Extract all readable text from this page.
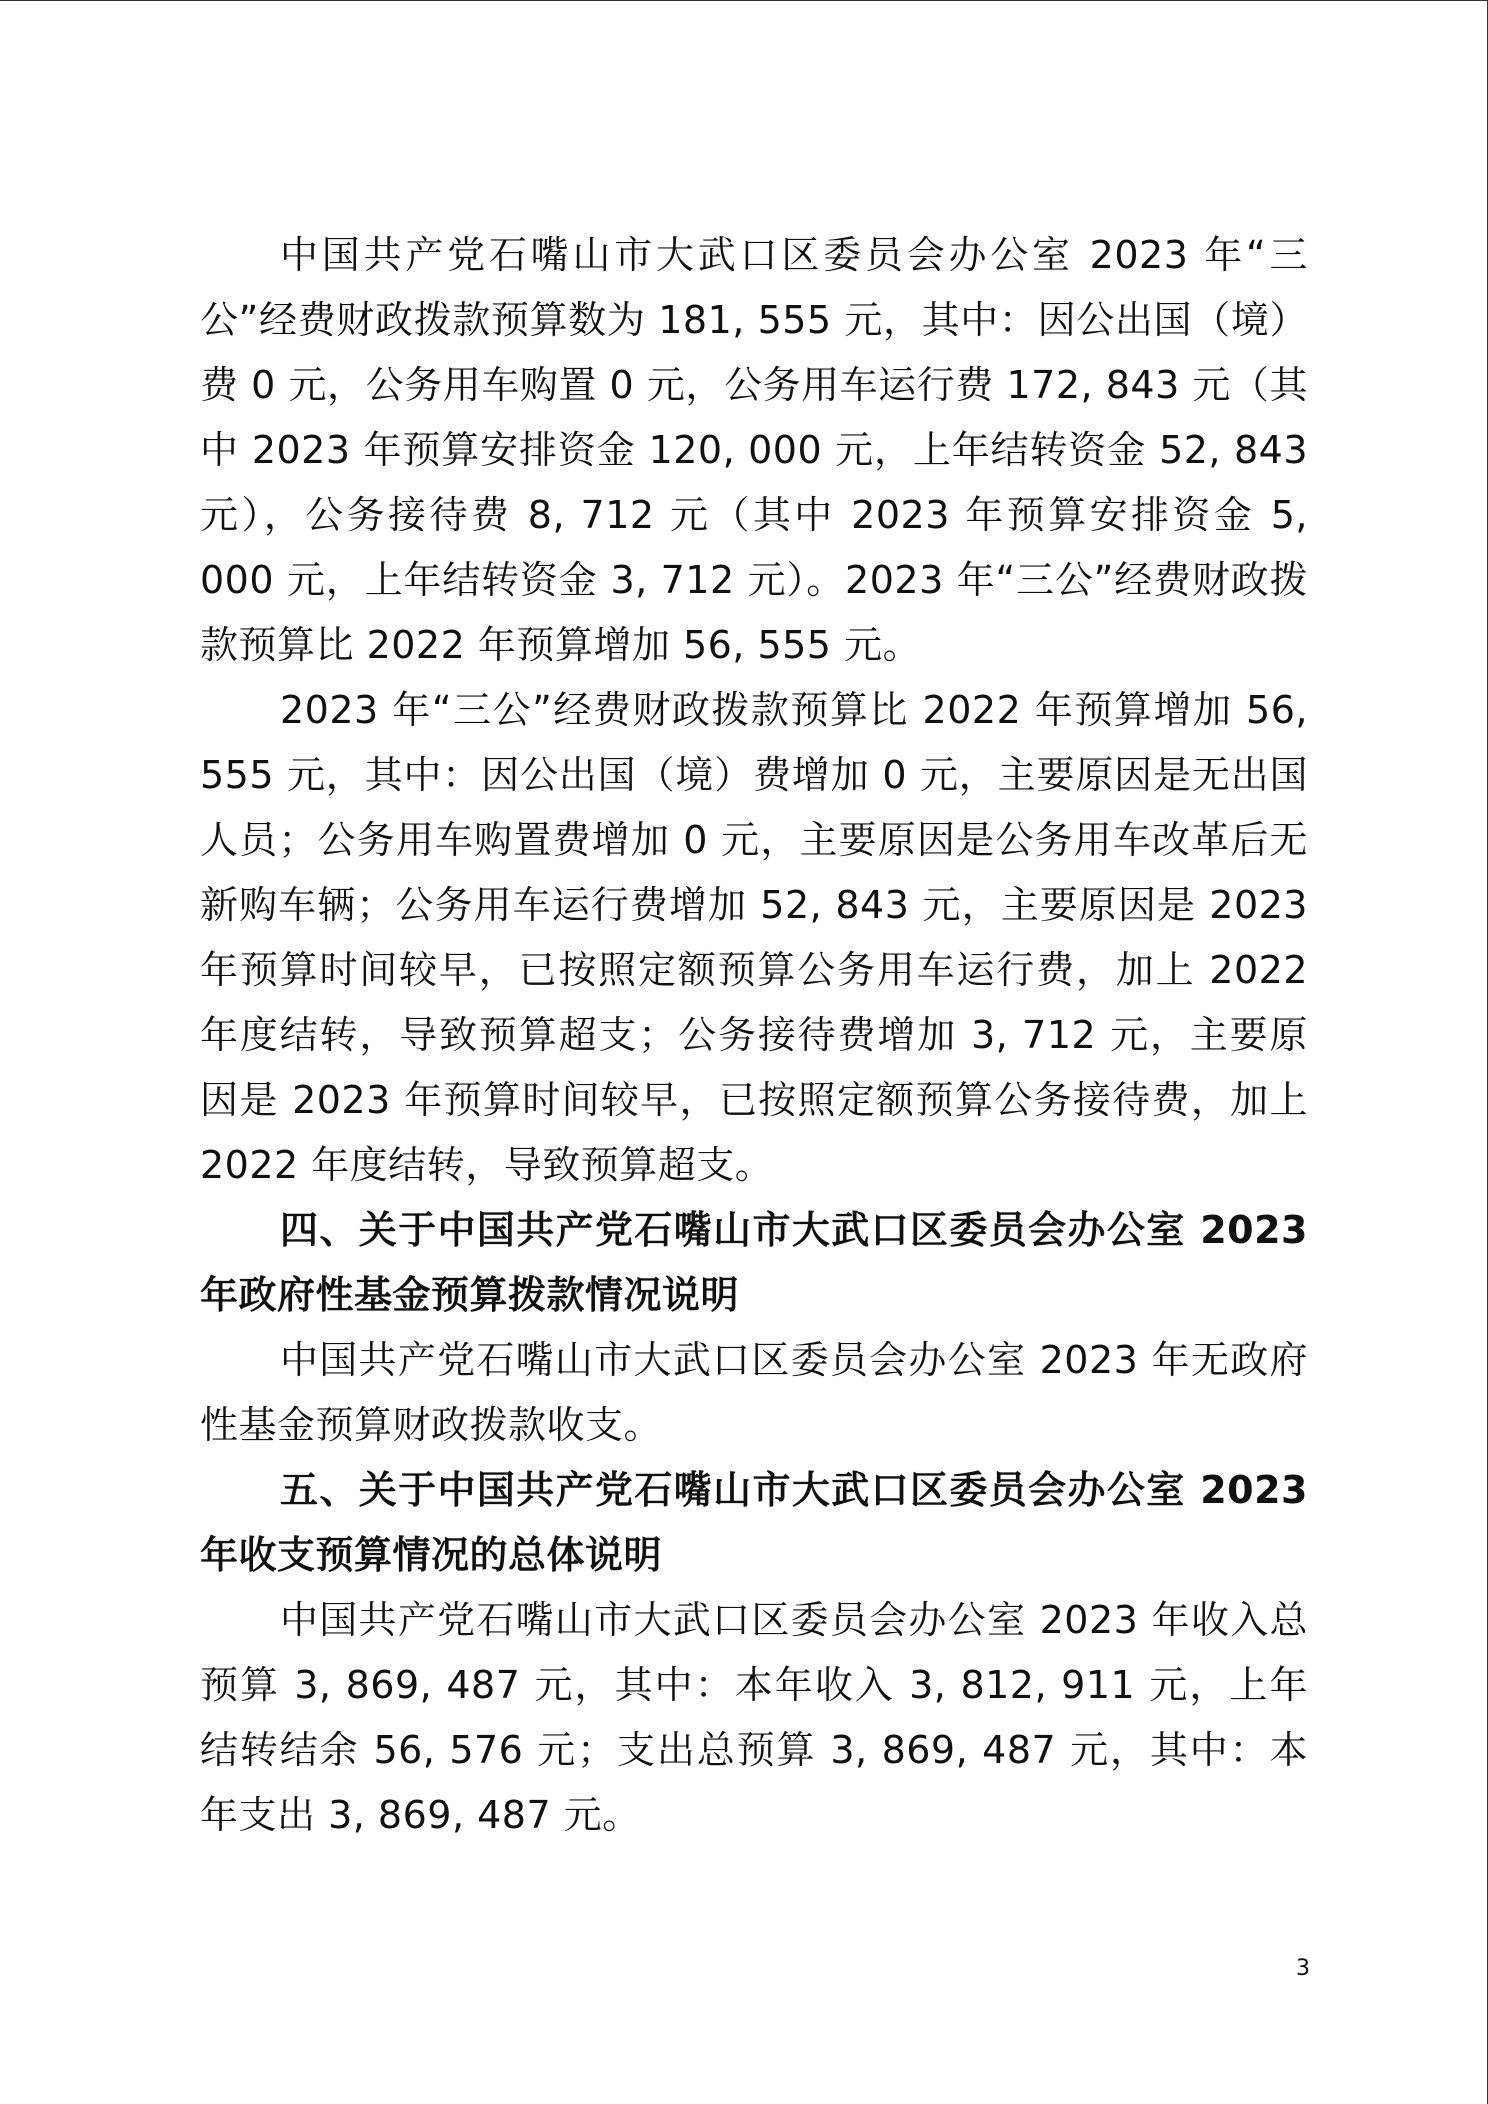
中国共产党石嘴山市大武口区委员会办公室 2023 年“三公”经费财政拨款预算数为 181, 555 元，其中：因公出国（境）费 0 元，公务用车购置 0 元，公务用车运行费 172, 843 元（其中 2023 年预算安排资金 120, 000 元，上年结转资金 52, 843 元），公务接待费 8, 712 元（其中 2023 年预算安排资金 5, 000 元，上年结转资金 3, 712 元）。2023 年“三公”经费财政拨款预算比 2022 年预算增加 56, 555 元。

2023 年“三公”经费财政拨款预算比 2022 年预算增加 56, 555 元，其中：因公出国（境）费增加 0 元，主要原因是无出国人员；公务用车购置费增加 0 元，主要原因是公务用车改革后无新购车辆；公务用车运行费增加 52, 843 元，主要原因是 2023 年预算时间较早，已按照定额预算公务用车运行费，加上 2022 年度结转，导致预算超支；公务接待费增加 3, 712 元，主要原因是 2023 年预算时间较早，已按照定额预算公务接待费，加上 2022 年度结转，导致预算超支。

四、关于中国共产党石嘴山市大武口区委员会办公室 2023 年政府性基金预算拨款情况说明

中国共产党石嘴山市大武口区委员会办公室 2023 年无政府性基金预算财政拨款收支。

五、关于中国共产党石嘴山市大武口区委员会办公室 2023 年收支预算情况的总体说明

中国共产党石嘴山市大武口区委员会办公室 2023 年收入总预算 3, 869, 487 元，其中：本年收入 3, 812, 911 元，上年结转结余 56, 576 元；支出总预算 3, 869, 487 元，其中：本年支出 3, 869, 487 元。

3
